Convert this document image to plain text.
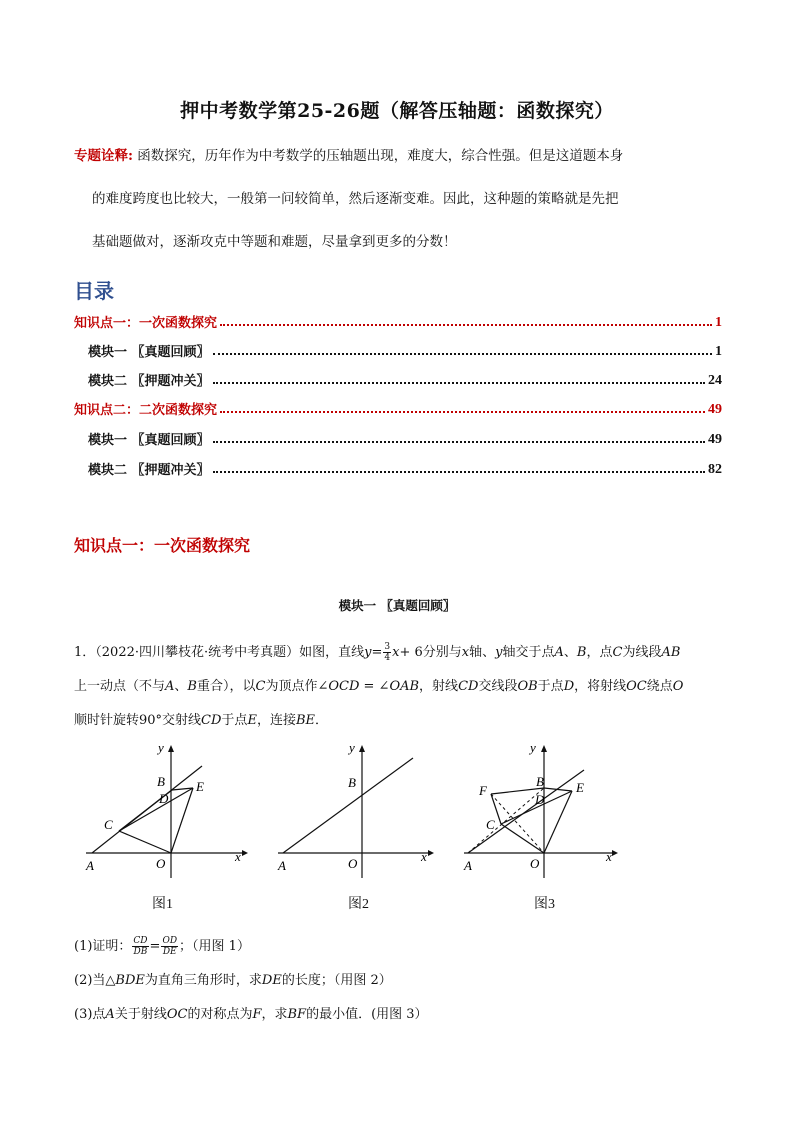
押中考数学第25-26题（解答压轴题：函数探究）

专题诠释: 函数探究，历年作为中考数学的压轴题出现，难度大，综合性强。但是这道题本身

的难度跨度也比较大，一般第一问较简单，然后逐渐变难。因此，这种题的策略就是先把

基础题做对，逐渐攻克中等题和难题，尽量拿到更多的分数！

目录
知识点一：一次函数探究	1
模块一 〖真题回顾〗	1
模块二 〖押题冲关〗	24
知识点二：二次函数探究	49
模块一 〖真题回顾〗	49
模块二 〖押题冲关〗	82
知识点一：一次函数探究
模块一 〖真题回顾〗

1．（2022·四川攀枝花·统考中考真题）如图，直线$y= \frac{3}{4} x+ 6$分别与x轴、y轴交于点A、B，点C为线段AB

上一动点（不与A、B重合），以C为顶点作∠OCD = ∠OAB，射线CD交线段OB于点D，将射线OC绕点O

顺时针旋转90°交射线CD于点E，连接BE．

y
B E
D
C
A	O	x
图1
y
B
A	O	x
图2
y
F
B E
D
C
A	O	x
图3

(1)证明： $\frac{CD}{DB} = \frac{OD}{DE}$ ；（用图 1）

(2)当△BDE为直角三角形时，求DE的长度；（用图 2）

(3)点A关于射线OC的对称点为F，求BF的最小值．(用图 3）
